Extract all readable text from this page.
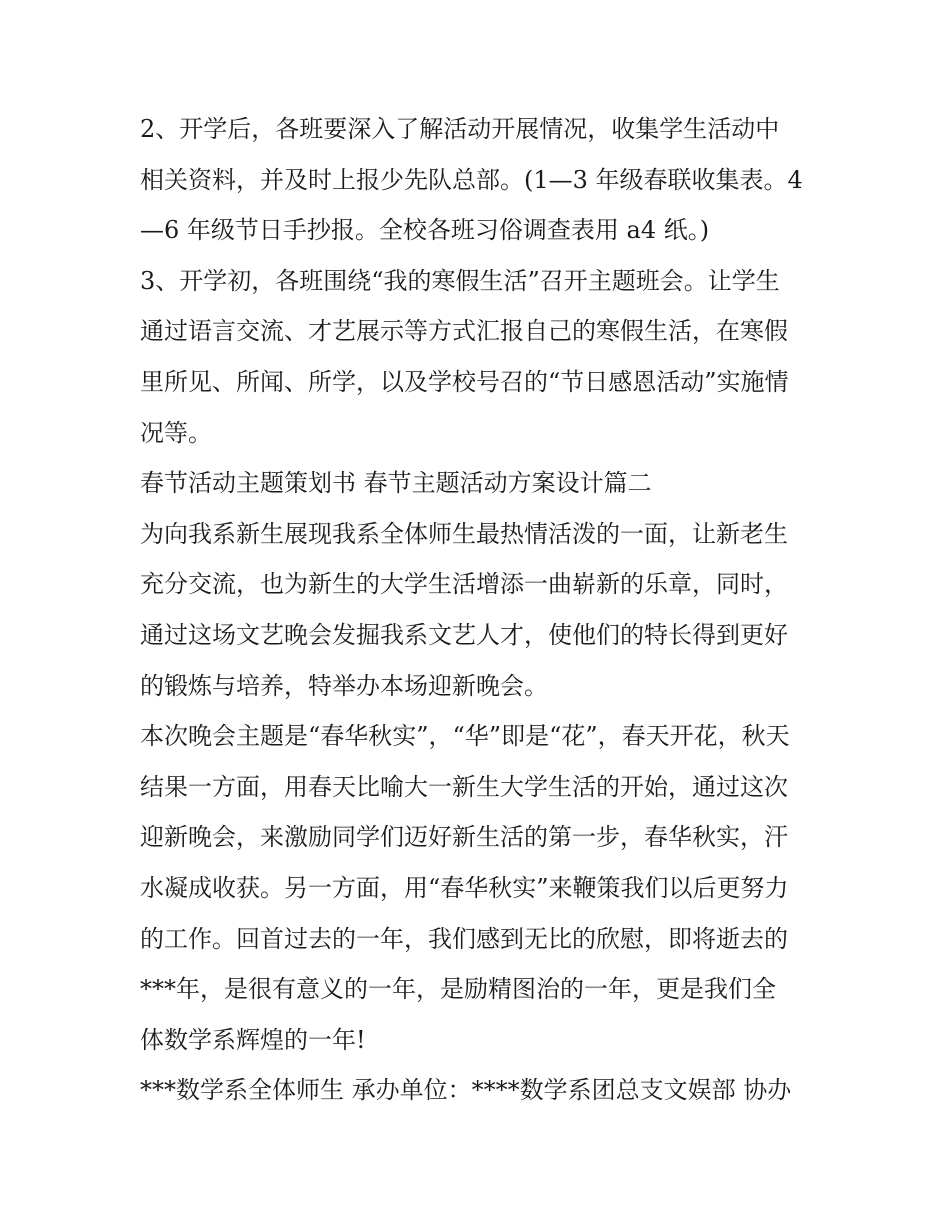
2、开学后，各班要深入了解活动开展情况，收集学生活动中
相关资料，并及时上报少先队总部。(1—3 年级春联收集表。4
—6 年级节日手抄报。全校各班习俗调查表用 a4 纸。)
3、开学初，各班围绕“我的寒假生活”召开主题班会。让学生
通过语言交流、才艺展示等方式汇报自己的寒假生活，在寒假
里所见、所闻、所学，以及学校号召的“节日感恩活动”实施情
况等。
春节活动主题策划书 春节主题活动方案设计篇二
为向我系新生展现我系全体师生最热情活泼的一面，让新老生
充分交流，也为新生的大学生活增添一曲崭新的乐章，同时，
通过这场文艺晚会发掘我系文艺人才，使他们的特长得到更好
的锻炼与培养，特举办本场迎新晚会。
本次晚会主题是“春华秋实”，“华”即是“花”，春天开花，秋天
结果一方面，用春天比喻大一新生大学生活的开始，通过这次
迎新晚会，来激励同学们迈好新生活的第一步，春华秋实，汗
水凝成收获。另一方面，用“春华秋实”来鞭策我们以后更努力
的工作。回首过去的一年，我们感到无比的欣慰，即将逝去的
***年，是很有意义的一年，是励精图治的一年，更是我们全
体数学系辉煌的一年!
***数学系全体师生 承办单位：****数学系团总支文娱部 协办
